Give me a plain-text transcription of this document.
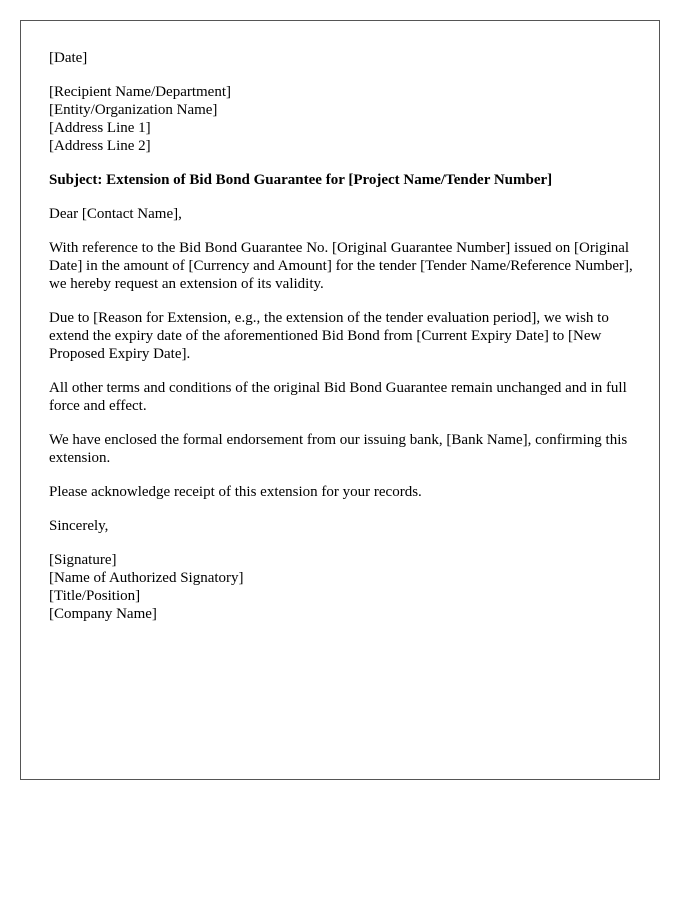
[Date]
[Recipient Name/Department]
[Entity/Organization Name]
[Address Line 1]
[Address Line 2]
Subject: Extension of Bid Bond Guarantee for [Project Name/Tender Number]
Dear [Contact Name],

With reference to the Bid Bond Guarantee No. [Original Guarantee Number] issued on [Original Date] in the amount of [Currency and Amount] for the tender [Tender Name/Reference Number], we hereby request an extension of its validity.

Due to [Reason for Extension, e.g., the extension of the tender evaluation period], we wish to extend the expiry date of the aforementioned Bid Bond from [Current Expiry Date] to [New Proposed Expiry Date].

All other terms and conditions of the original Bid Bond Guarantee remain unchanged and in full force and effect.

We have enclosed the formal endorsement from our issuing bank, [Bank Name], confirming this extension.

Please acknowledge receipt of this extension for your records.

Sincerely,
[Signature]
[Name of Authorized Signatory]
[Title/Position]
[Company Name]
